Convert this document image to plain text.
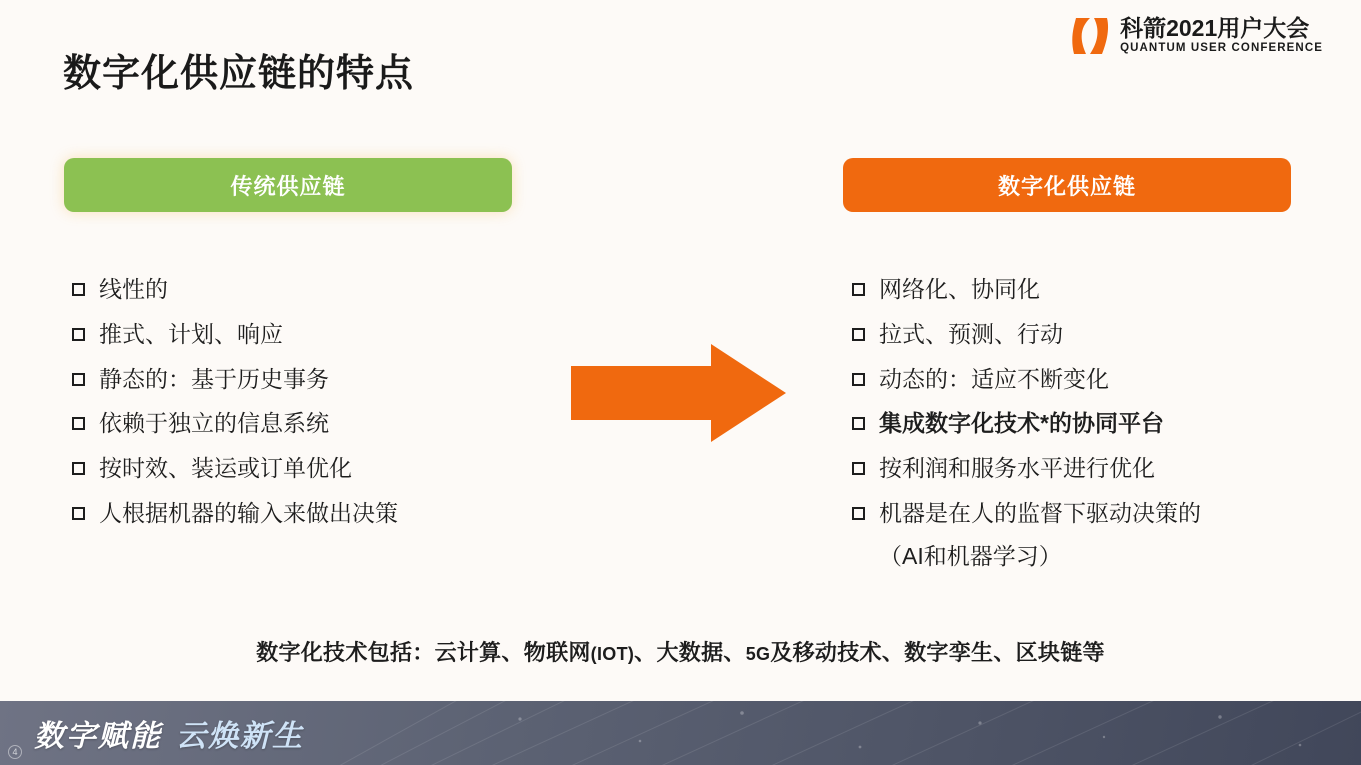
科箭2021用户大会
QUANTUM USER CONFERENCE
数字化供应链的特点
传统供应链	数字化供应链
线性的
推式、计划、响应
静态的：基于历史事务
依赖于独立的信息系统
按时效、装运或订单优化
人根据机器的输入来做出决策
网络化、协同化
拉式、预测、行动
动态的：适应不断变化
集成数字化技术*的协同平台
按利润和服务水平进行优化
机器是在人的监督下驱动决策的
（AI和机器学习）
数字化技术包括：云计算、物联网(IOT)、大数据、5G及移动技术、数字孪生、区块链等
数字赋能 云焕新生
4
